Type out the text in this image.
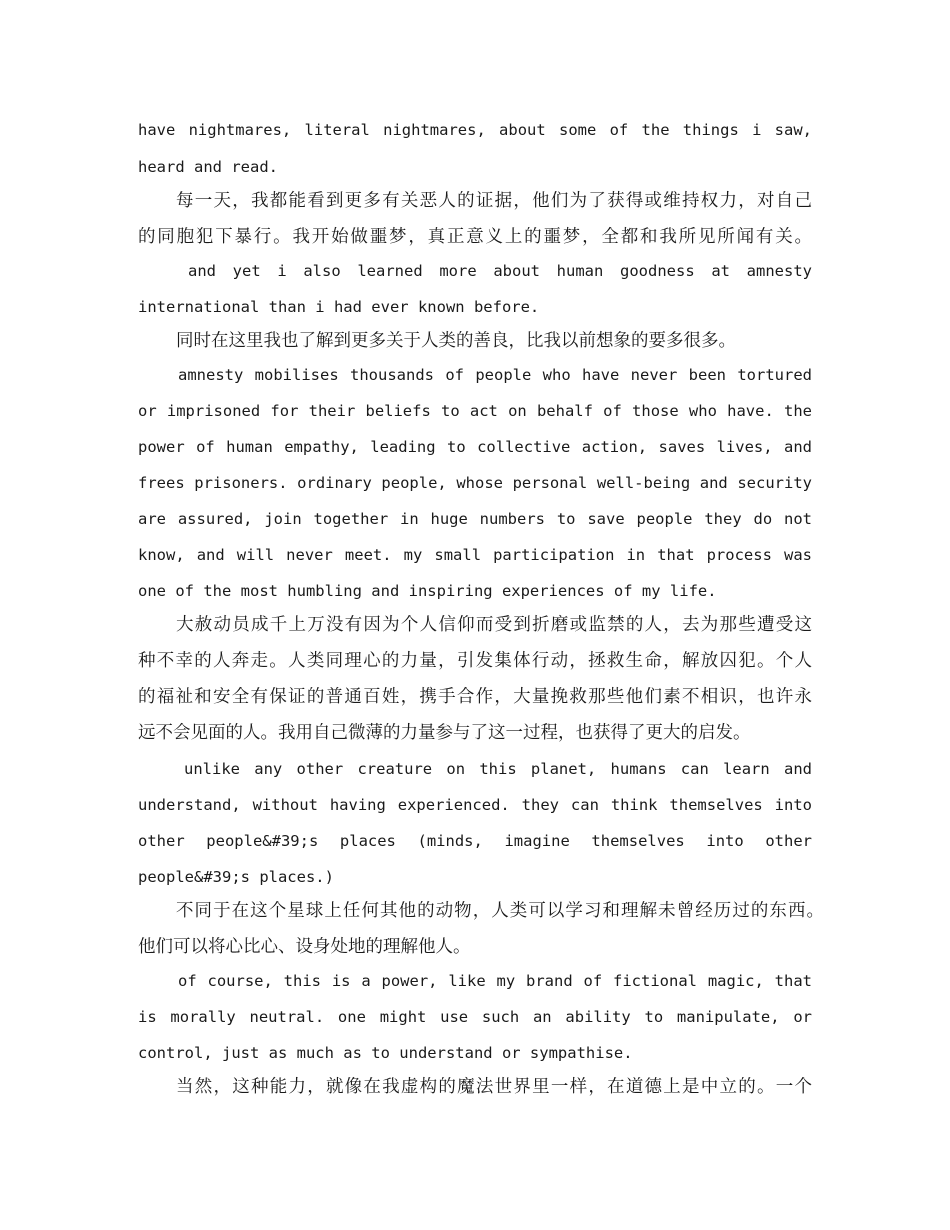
have nightmares, literal nightmares, about some of the things i saw,
heard and read.
每一天，我都能看到更多有关恶人的证据，他们为了获得或维持权力，对自己
的同胞犯下暴行。我开始做噩梦，真正意义上的噩梦，全都和我所见所闻有关。
and yet i also learned more about human goodness at amnesty
international than i had ever known before.
同时在这里我也了解到更多关于人类的善良，比我以前想象的要多很多。
amnesty mobilises thousands of people who have never been tortured
or imprisoned for their beliefs to act on behalf of those who have. the
power of human empathy, leading to collective action, saves lives, and
frees prisoners. ordinary people, whose personal well-being and security
are assured, join together in huge numbers to save people they do not
know, and will never meet. my small participation in that process was
one of the most humbling and inspiring experiences of my life.
大赦动员成千上万没有因为个人信仰而受到折磨或监禁的人，去为那些遭受这
种不幸的人奔走。人类同理心的力量，引发集体行动，拯救生命，解放囚犯。个人
的福祉和安全有保证的普通百姓，携手合作，大量挽救那些他们素不相识，也许永
远不会见面的人。我用自己微薄的力量参与了这一过程，也获得了更大的启发。
unlike any other creature on this planet, humans can learn and
understand, without having experienced. they can think themselves into
other people&#39;s places (minds, imagine themselves into other
people&#39;s places.)
不同于在这个星球上任何其他的动物，人类可以学习和理解未曾经历过的东西。
他们可以将心比心、设身处地的理解他人。
of course, this is a power, like my brand of fictional magic, that
is morally neutral. one might use such an ability to manipulate, or
control, just as much as to understand or sympathise.
当然，这种能力，就像在我虚构的魔法世界里一样，在道德上是中立的。一个
